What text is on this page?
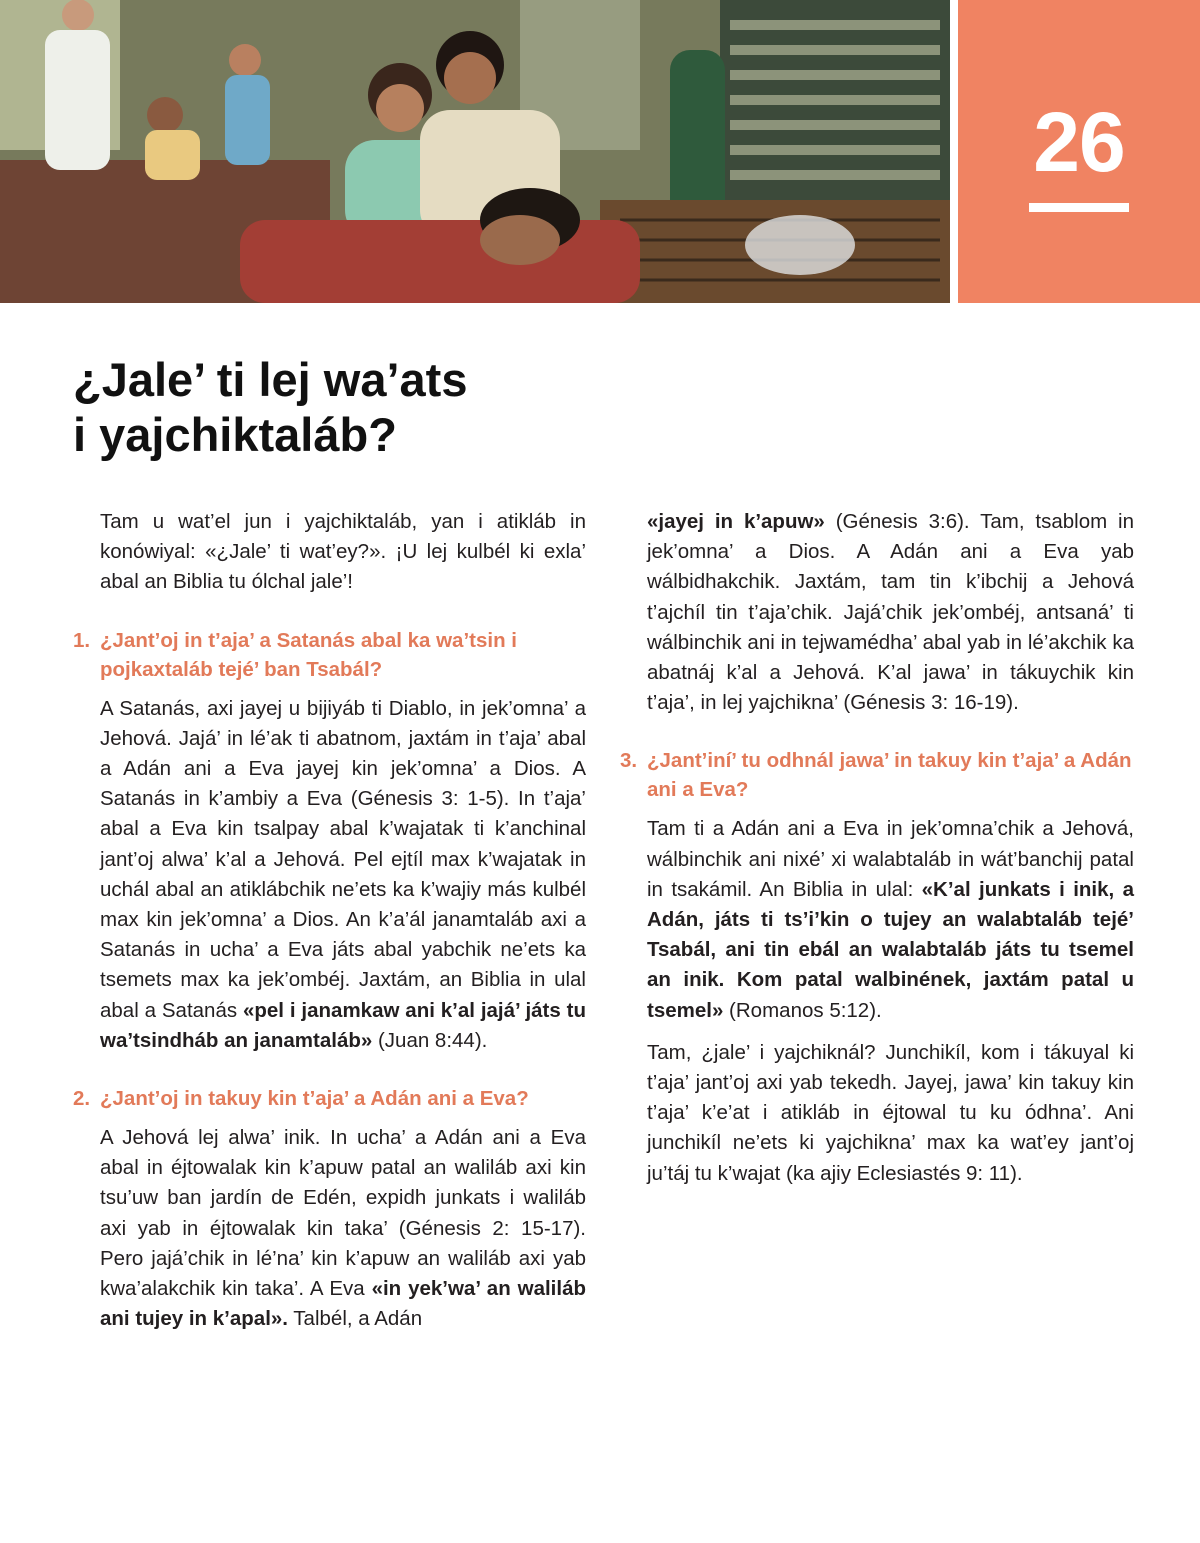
26
¿Jale’ ti lej wa’ats
i yajchiktaláb?

Tam u wat’el jun i yajchiktaláb, yan i atikláb in konówiyal: «¿Jale’ ti wat’ey?». ¡U lej kulbél ki exla’ abal an Biblia tu ólchal jale’!

1. ¿Jant’oj in t’aja’ a Satanás abal ka wa’tsin i pojkaxtaláb tejé’ ban Tsabál?

A Satanás, axi jayej u bijiyáb ti Diablo, in jek’omna’ a Jehová. Jajá’ in lé’ak ti abatnom, jaxtám in t’aja’ abal a Adán ani a Eva jayej kin jek’omna’ a Dios. A Satanás in k’ambiy a Eva (Génesis 3: 1-5). In t’aja’ abal a Eva kin tsalpay abal k’wajatak ti k’anchinal jant’oj alwa’ k’al a Jehová. Pel ejtíl max k’wajatak in uchál abal an atiklábchik ne’ets ka k’wajiy más kulbél max kin jek’omna’ a Dios. An k’a’ál janamtaláb axi a Satanás in ucha’ a Eva játs abal yabchik ne’ets ka tsemets max ka jek’ombéj. Jaxtám, an Biblia in ulal abal a Satanás «pel i janamkaw ani k’al jajá’ játs tu wa’tsindháb an janamtaláb» (Juan 8:44).

2. ¿Jant’oj in takuy kin t’aja’ a Adán ani a Eva?

A Jehová lej alwa’ inik. In ucha’ a Adán ani a Eva abal in éjtowalak kin k’apuw patal an waliláb axi kin tsu’uw ban jardín de Edén, expidh junkats i waliláb axi yab in éjtowalak kin taka’ (Génesis 2: 15-17). Pero jajá’chik in lé’na’ kin k’apuw an waliláb axi yab kwa’alakchik kin taka’. A Eva «in yek’wa’ an waliláb ani tujey in k’apal». Talbél, a Adán

«jayej in k’apuw» (Génesis 3:6). Tam, tsablom in jek’omna’ a Dios. A Adán ani a Eva yab wálbidhakchik. Jaxtám, tam tin k’ibchij a Jehová t’ajchíl tin t’aja’chik. Jajá’chik jek’ombéj, antsaná’ ti wálbinchik ani in tejwamédha’ abal yab in lé’akchik ka abatnáj k’al a Jehová. K’al jawa’ in tákuychik kin t’aja’, in lej yajchikna’ (Génesis 3: 16-19).

3. ¿Jant’iní’ tu odhnál jawa’ in takuy kin t’aja’ a Adán ani a Eva?

Tam ti a Adán ani a Eva in jek’omna’chik a Jehová, wálbinchik ani nixé’ xi walabtaláb in wát’banchij patal in tsakámil. An Biblia in ulal: «K’al junkats i inik, a Adán, játs ti ts’i’kin o tujey an walabtaláb tejé’ Tsabál, ani tin ebál an walabtaláb játs tu tsemel an inik. Kom patal walbinének, jaxtám patal u tsemel» (Romanos 5:12).

Tam, ¿jale’ i yajchiknál? Junchikíl, kom i tákuyal ki t’aja’ jant’oj axi yab tekedh. Jayej, jawa’ kin takuy kin t’aja’ k’e’at i atikláb in éjtowal tu ku ódhna’. Ani junchikíl ne’ets ki yajchikna’ max ka wat’ey jant’oj ju’táj tu k’wajat (ka ajiy Eclesiastés 9: 11).
